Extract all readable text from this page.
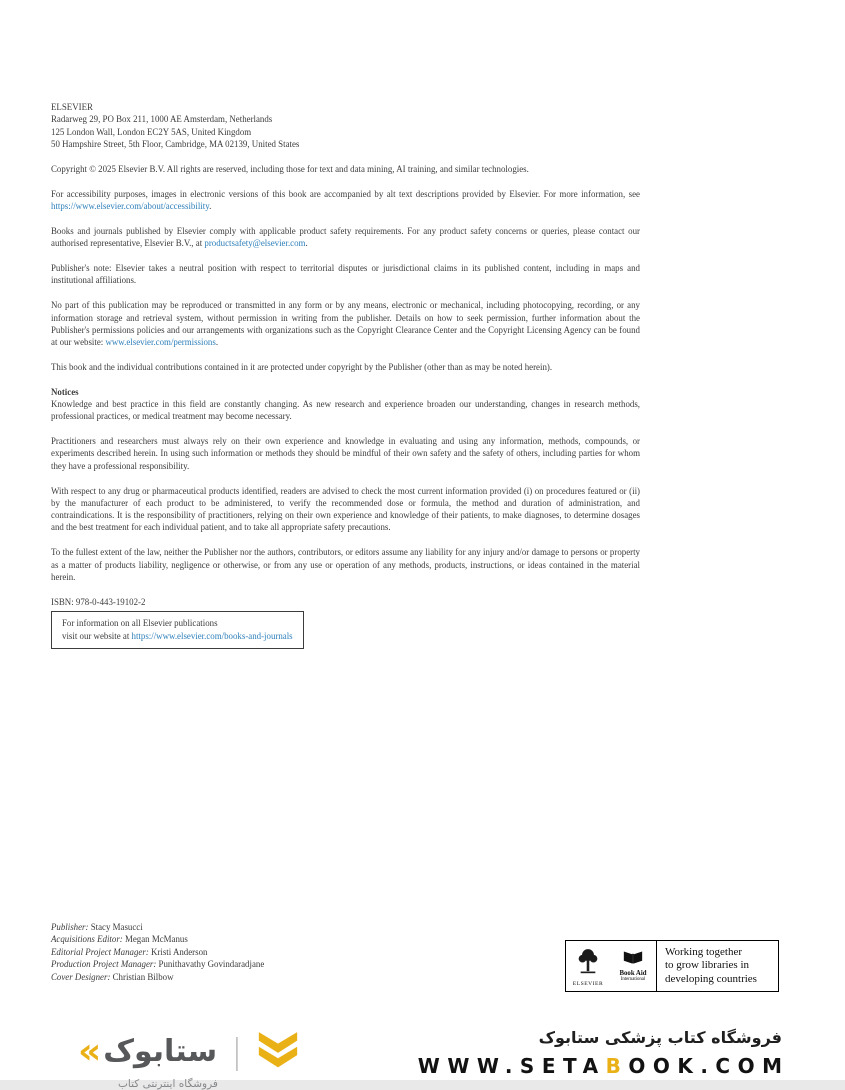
ELSEVIER
Radarweg 29, PO Box 211, 1000 AE Amsterdam, Netherlands
125 London Wall, London EC2Y 5AS, United Kingdom
50 Hampshire Street, 5th Floor, Cambridge, MA 02139, United States

Copyright © 2025 Elsevier B.V. All rights are reserved, including those for text and data mining, AI training, and similar technologies.

For accessibility purposes, images in electronic versions of this book are accompanied by alt text descriptions provided by Elsevier. For more information, see https://www.elsevier.com/about/accessibility.

Books and journals published by Elsevier comply with applicable product safety requirements. For any product safety concerns or queries, please contact our authorised representative, Elsevier B.V., at productsafety@elsevier.com.

Publisher's note: Elsevier takes a neutral position with respect to territorial disputes or jurisdictional claims in its published content, including in maps and institutional affiliations.

No part of this publication may be reproduced or transmitted in any form or by any means, electronic or mechanical, including photocopying, recording, or any information storage and retrieval system, without permission in writing from the publisher. Details on how to seek permission, further information about the Publisher's permissions policies and our arrangements with organizations such as the Copyright Clearance Center and the Copyright Licensing Agency can be found at our website: www.elsevier.com/permissions.

This book and the individual contributions contained in it are protected under copyright by the Publisher (other than as may be noted herein).

Notices

Knowledge and best practice in this field are constantly changing. As new research and experience broaden our understanding, changes in research methods, professional practices, or medical treatment may become necessary.

Practitioners and researchers must always rely on their own experience and knowledge in evaluating and using any information, methods, compounds, or experiments described herein. In using such information or methods they should be mindful of their own safety and the safety of others, including parties for whom they have a professional responsibility.

With respect to any drug or pharmaceutical products identified, readers are advised to check the most current information provided (i) on procedures featured or (ii) by the manufacturer of each product to be administered, to verify the recommended dose or formula, the method and duration of administration, and contraindications. It is the responsibility of practitioners, relying on their own experience and knowledge of their patients, to make diagnoses, to determine dosages and the best treatment for each individual patient, and to take all appropriate safety precautions.

To the fullest extent of the law, neither the Publisher nor the authors, contributors, or editors assume any liability for any injury and/or damage to persons or property as a matter of products liability, negligence or otherwise, or from any use or operation of any methods, products, instructions, or ideas contained in the material herein.

ISBN: 978-0-443-19102-2

For information on all Elsevier publications
visit our website at https://www.elsevier.com/books-and-journals
Publisher: Stacy Masucci
Acquisitions Editor: Megan McManus
Editorial Project Manager: Kristi Anderson
Production Project Manager: Punithavathy Govindaradjane
Cover Designer: Christian Bilbow
ELSEVIER
Book Aid
International
Working together
to grow libraries in
developing countries
« ستابوک |
فروشگاه اینترنتی کتاب
فروشگاه کتاب پزشکی ستابوک
WWW.SETABOOK.COM
